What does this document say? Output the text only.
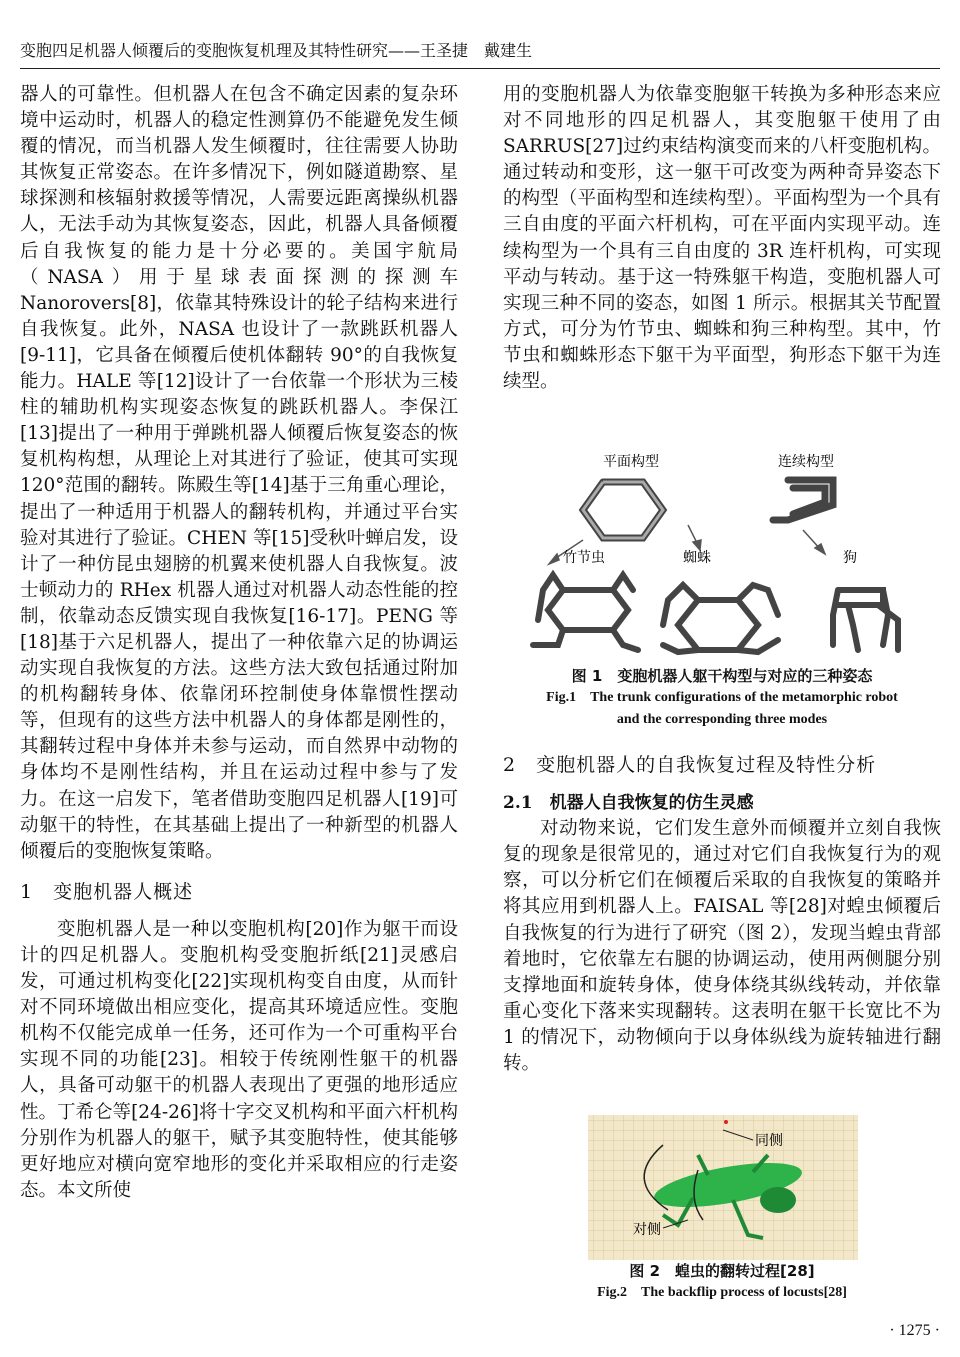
变胞四足机器人倾覆后的变胞恢复机理及其特性研究——王圣捷　戴建生

器人的可靠性。但机器人在包含不确定因素的复杂环境中运动时，机器人的稳定性测算仍不能避免发生倾覆的情况，而当机器人发生倾覆时，往往需要人协助其恢复正常姿态。在许多情况下，例如隧道勘察、星球探测和核辐射救援等情况，人需要远距离操纵机器人，无法手动为其恢复姿态，因此，机器人具备倾覆后自我恢复的能力是十分必要的。美国宇航局（NASA）用于星球表面探测的探测车 Nanorovers[8]，依靠其特殊设计的轮子结构来进行自我恢复。此外，NASA 也设计了一款跳跃机器人[9-11]，它具备在倾覆后使机体翻转 90°的自我恢复能力。HALE 等[12]设计了一台依靠一个形状为三棱柱的辅助机构实现姿态恢复的跳跃机器人。李保江[13]提出了一种用于弹跳机器人倾覆后恢复姿态的恢复机构构想，从理论上对其进行了验证，使其可实现 120°范围的翻转。陈殿生等[14]基于三角重心理论，提出了一种适用于机器人的翻转机构，并通过平台实验对其进行了验证。CHEN 等[15]受秋叶蝉启发，设计了一种仿昆虫翅膀的机翼来使机器人自我恢复。波士顿动力的 RHex 机器人通过对机器人动态性能的控制，依靠动态反馈实现自我恢复[16-17]。PENG 等[18]基于六足机器人，提出了一种依靠六足的协调运动实现自我恢复的方法。这些方法大致包括通过附加的机构翻转身体、依靠闭环控制使身体靠惯性摆动等，但现有的这些方法中机器人的身体都是刚性的，其翻转过程中身体并未参与运动，而自然界中动物的身体均不是刚性结构，并且在运动过程中参与了发力。在这一启发下，笔者借助变胞四足机器人[19]可动躯干的特性，在其基础上提出了一种新型的机器人倾覆后的变胞恢复策略。

1　变胞机器人概述

变胞机器人是一种以变胞机构[20]作为躯干而设计的四足机器人。变胞机构受变胞折纸[21]灵感启发，可通过机构变化[22]实现机构变自由度，从而针对不同环境做出相应变化，提高其环境适应性。变胞机构不仅能完成单一任务，还可作为一个可重构平台实现不同的功能[23]。相较于传统刚性躯干的机器人，具备可动躯干的机器人表现出了更强的地形适应性。丁希仑等[24-26]将十字交叉机构和平面六杆机构分别作为机器人的躯干，赋予其变胞特性，使其能够更好地应对横向宽窄地形的变化并采取相应的行走姿态。本文所使

用的变胞机器人为依靠变胞躯干转换为多种形态来应对不同地形的四足机器人，其变胞躯干使用了由 SARRUS[27]过约束结构演变而来的八杆变胞机构。通过转动和变形，这一躯干可改变为两种奇异姿态下的构型（平面构型和连续构型）。平面构型为一个具有三自由度的平面六杆机构，可在平面内实现平动。连续构型为一个具有三自由度的 3R 连杆机构，可实现平动与转动。基于这一特殊躯干构造，变胞机器人可实现三种不同的姿态，如图 1 所示。根据其关节配置方式，可分为竹节虫、蜘蛛和狗三种构型。其中，竹节虫和蜘蛛形态下躯干为平面型，狗形态下躯干为连续型。

平面构型	连续构型
竹节虫	蜘蛛	狗
图 1　变胞机器人躯干构型与对应的三种姿态
Fig.1　The trunk configurations of the metamorphic robot
and the corresponding three modes
2　变胞机器人的自我恢复过程及特性分析
2.1　机器人自我恢复的仿生灵感

对动物来说，它们发生意外而倾覆并立刻自我恢复的现象是很常见的，通过对它们自我恢复行为的观察，可以分析它们在倾覆后采取的自我恢复的策略并将其应用到机器人上。FAISAL 等[28]对蝗虫倾覆后自我恢复的行为进行了研究（图 2），发现当蝗虫背部着地时，它依靠左右腿的协调运动，使用两侧腿分别支撑地面和旋转身体，使身体绕其纵线转动，并依靠重心变化下落来实现翻转。这表明在躯干长宽比不为 1 的情况下，动物倾向于以身体纵线为旋转轴进行翻转。

同侧
对侧
图 2　蝗虫的翻转过程[28]
Fig.2　The backflip process of locusts[28]
· 1275 ·
